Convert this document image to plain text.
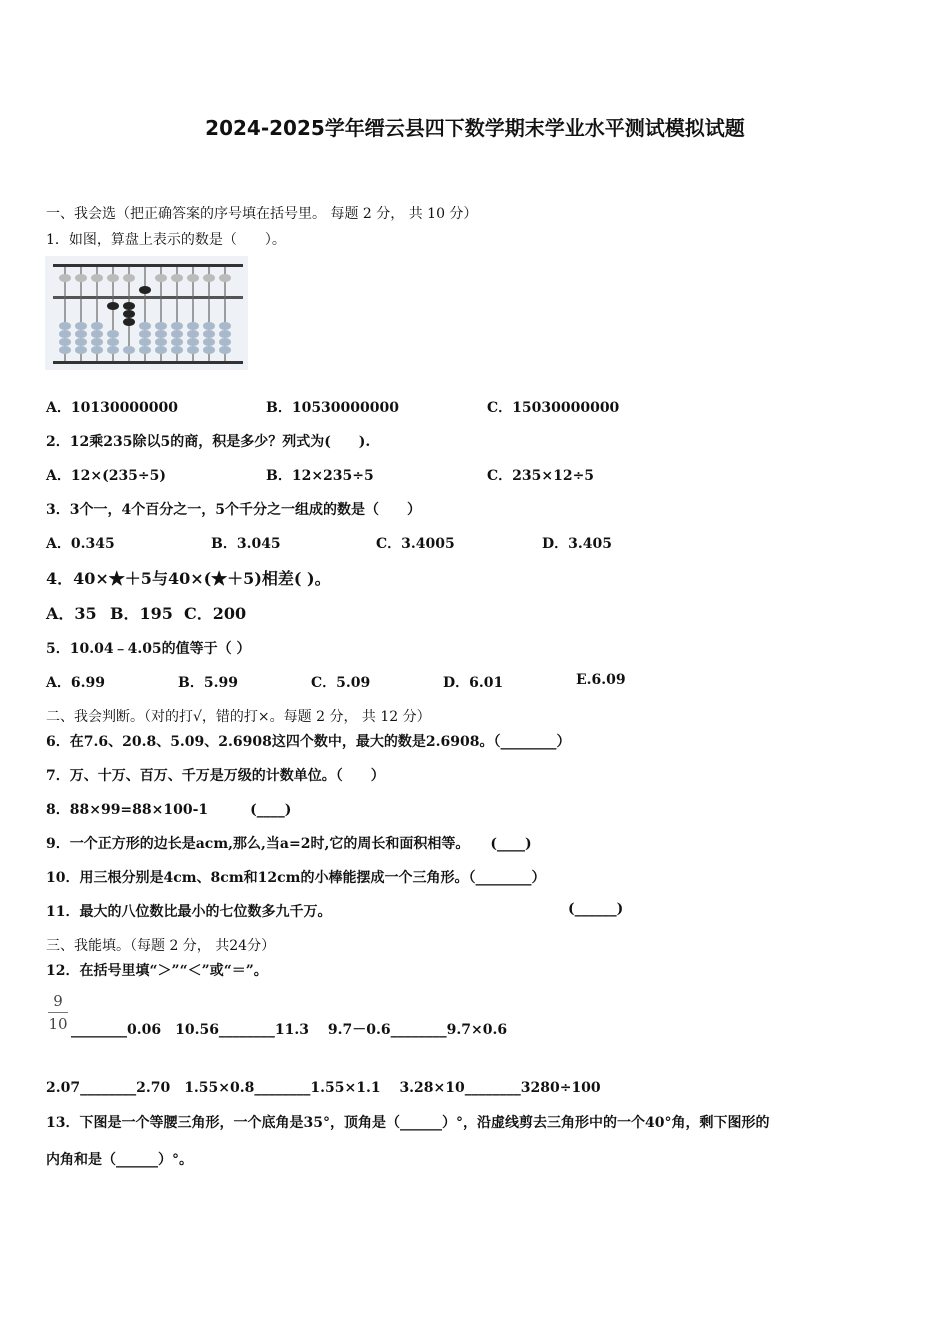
2024-2025学年缙云县四下数学期末学业水平测试模拟试题
一、我会选（把正确答案的序号填在括号里。 每题 2 分， 共 10 分）
1．如图，算盘上表示的数是（　　）。
A．10130000000	B．10530000000	C．15030000000
2．12乘235除以5的商，积是多少？列式为(　　).
A．12×(235÷5)	B．12×235÷5	C．235×12÷5
3．3个一，4个百分之一，5个千分之一组成的数是（　　）
A．0.345	B．3.045	C．3.4005	D．3.405
4．40×★＋5与40×(★＋5)相差( )。
A．35 B．195 C．200
5．10.04﹣4.05的值等于（ ）
A．6.99	B．5.99	C．5.09	D．6.01	E.6.09
二、我会判断。（对的打√，错的打×。每题 2 分， 共 12 分）
6．在7.6、20.8、5.09、2.6908这四个数中，最大的数是2.6908。（________）
7．万、十万、百万、千万是万级的计数单位。（　　）
8．88×99=88×100-1　　　(____)
9．一个正方形的边长是acm,那么,当a=2时,它的周长和面积相等。　　(____)
10．用三根分别是4cm、8cm和12cm的小棒能摆成一个三角形。（________）
11．最大的八位数比最小的七位数多九千万。	(______)
三、我能填。（每题 2 分， 共24分）
12．在括号里填“＞”“＜”或“＝”。
9
10 ________0.06　10.56________11.3　 9.7－0.6________9.7×0.6
2.07________2.70　1.55×0.8________1.55×1.1　 3.28×10________3280÷100
13．下图是一个等腰三角形，一个底角是35°，顶角是（______）°，沿虚线剪去三角形中的一个40°角，剩下图形的
内角和是（______）°。
